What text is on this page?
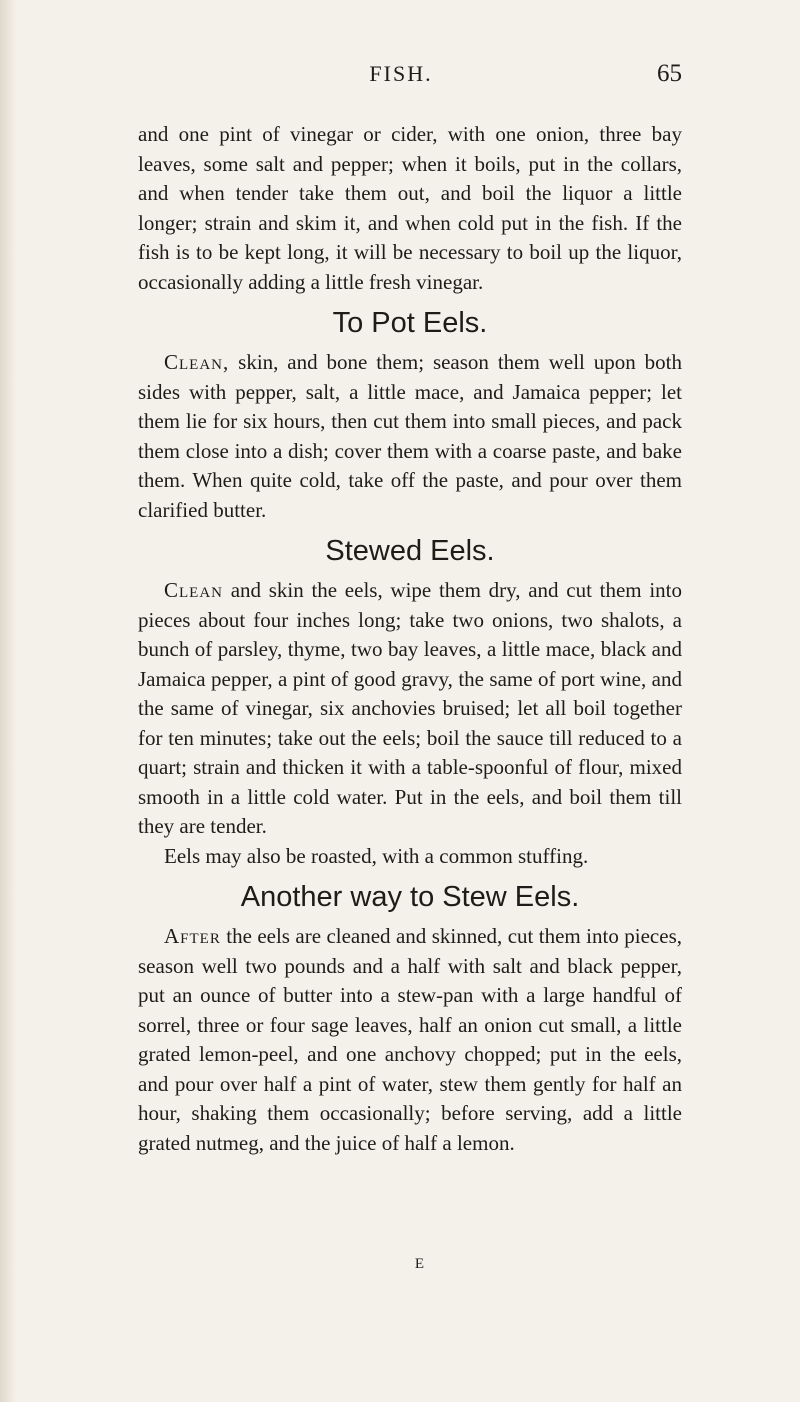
FISH.	65

and one pint of vinegar or cider, with one onion, three bay leaves, some salt and pepper; when it boils, put in the collars, and when tender take them out, and boil the liquor a little longer; strain and skim it, and when cold put in the fish. If the fish is to be kept long, it will be necessary to boil up the liquor, occasionally adding a little fresh vinegar.

To Pot Eels.

Clean, skin, and bone them; season them well upon both sides with pepper, salt, a little mace, and Jamaica pepper; let them lie for six hours, then cut them into small pieces, and pack them close into a dish; cover them with a coarse paste, and bake them. When quite cold, take off the paste, and pour over them clarified butter.

Stewed Eels.

Clean and skin the eels, wipe them dry, and cut them into pieces about four inches long; take two onions, two shalots, a bunch of parsley, thyme, two bay leaves, a little mace, black and Jamaica pepper, a pint of good gravy, the same of port wine, and the same of vinegar, six anchovies bruised; let all boil together for ten minutes; take out the eels; boil the sauce till reduced to a quart; strain and thicken it with a table-spoonful of flour, mixed smooth in a little cold water. Put in the eels, and boil them till they are tender.

Eels may also be roasted, with a common stuffing.

Another way to Stew Eels.

After the eels are cleaned and skinned, cut them into pieces, season well two pounds and a half with salt and black pepper, put an ounce of butter into a stew-pan with a large handful of sorrel, three or four sage leaves, half an onion cut small, a little grated lemon-peel, and one anchovy chopped; put in the eels, and pour over half a pint of water, stew them gently for half an hour, shaking them occasionally; before serving, add a little grated nutmeg, and the juice of half a lemon.

E
